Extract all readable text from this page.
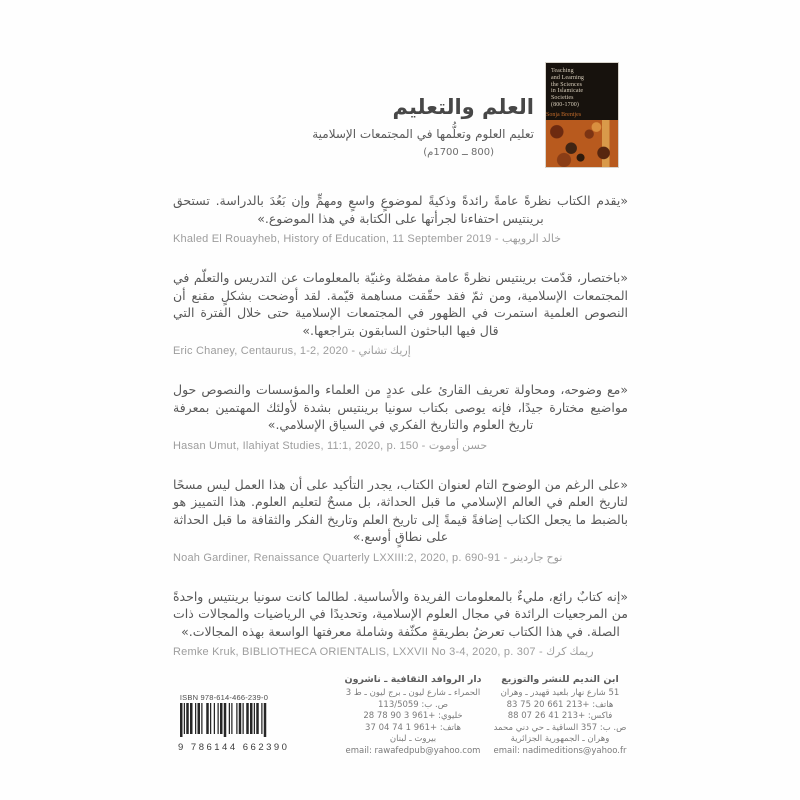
Teaching
and Learning
the Sciences
in Islamicate
Societies
(800-1700)
Sonja Brentjes
العلم والتعليم
تعليم العلوم وتعلُّمها في المجتمعات الإسلامية
(800 ــ 1700م)
«يقدم الكتاب نظرةً عامةً رائدةً وذكيةً لموضوعٍ واسعٍ ومهمٍّ وإن بَعُدَ بالدراسة. تستحق برينتيس احتفاءنا لجرأتها على الكتابة في هذا الموضوع.»
Khaled El Rouayheb, History of Education, 11 September 2019 - خالد الرويهب
«باختصار، قدّمت برينتيس نظرةً عامة مفصّلة وغنيّة بالمعلومات عن التدريس والتعلّم في المجتمعات الإسلامية، ومن ثمّ فقد حقّقت مساهمة قيّمة. لقد أوضحت بشكلٍ مقنع أن النصوص العلمية استمرت في الظهور في المجتمعات الإسلامية حتى خلال الفترة التي قال فيها الباحثون السابقون بتراجعها.»
Eric Chaney, Centaurus, 1-2, 2020 - إريك تشاني
«مع وضوحه، ومحاولة تعريف القارئ على عددٍ من العلماء والمؤسسات والنصوص حول مواضيع مختارة جيدًا، فإنه يوصى بكتاب سونيا برينتيس بشدة لأولئك المهتمين بمعرفة تاريخ العلوم والتاريخ الفكري في السياق الإسلامي.»
Hasan Umut, Ilahiyat Studies, 11:1, 2020, p. 150 - حسن أوموت
«على الرغم من الوضوح التام لعنوان الكتاب، يجدر التأكيد على أن هذا العمل ليس مسحًا لتاريخ العلم في العالم الإسلامي ما قبل الحداثة، بل مسحٌ لتعليم العلوم. هذا التمييز هو بالضبط ما يجعل الكتاب إضافةً قيمةً إلى تاريخ العلم وتاريخ الفكر والثقافة ما قبل الحداثة على نطاقٍ أوسع.»
Noah Gardiner, Renaissance Quarterly LXXIII:2, 2020, p. 690-91 - نوح جاردينر
«إنه كتابٌ رائع، مليءٌ بالمعلومات الفريدة والأساسية. لطالما كانت سونيا برينتيس واحدةً من المرجعيات الرائدة في مجال العلوم الإسلامية، وتحديدًا في الرياضيات والمجالات ذات الصلة. في هذا الكتاب تعرضُ بطريقةٍ مكثّفة وشاملة معرفتها الواسعة بهذه المجالات.»
Remke Kruk, BIBLIOTHECA ORIENTALIS, LXXVII No 3-4, 2020, p. 307 - ريمك كرك
ابن النديم للنشر والتوزيع
51 شارع نهار بلعيد قهيدر ـ وهران
هاتف: +213 661 20 75 83
فاكس: +213 41 26 07 88
ص. ب: 357 الساقية ـ حي دني محمد
وهران ـ الجمهورية الجزائرية
email: nadimeditions@yahoo.fr
دار الروافد الثقافية ـ ناشرون
الحمراء ـ شارع ليون ـ برج ليون ـ ط 3
ص. ب: 113/5059
خليوي: +961 3 90 78 28
هاتف: +961 1 74 04 37
بيروت ـ لبنان
email: rawafedpub@yahoo.com
ISBN 978-614-466-239-0
9 786144 662390
